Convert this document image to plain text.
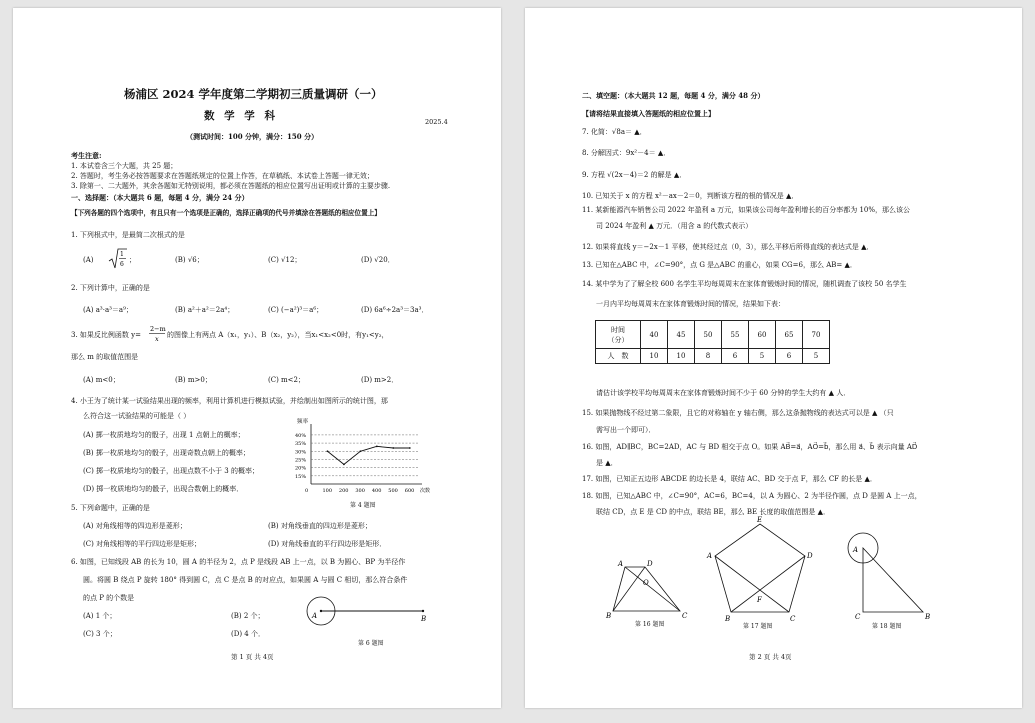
杨浦区 2024 学年度第二学期初三质量调研（一）
2025.4
数 学 学 科
（测试时间：100 分钟，满分：150 分）
考生注意:
1. 本试卷含三个大题，共 25 题；
2. 答题时，考生务必按答题要求在答题纸规定的位置上作答，在草稿纸、本试卷上答题一律无效；
3. 除第一、二大题外，其余各题如无特别说明，都必须在答题纸的相应位置写出证明或计算的主要步骤.
一、选择题：（本大题共 6 题，每题 4 分，满分 24 分）
【下列各题的四个选项中，有且只有一个选项是正确的，选择正确项的代号并填涂在答题纸的相应位置上】
1. 下列根式中，是最简二次根式的是
(A)
1
6
；	(B) √6；	(C) √12；	(D) √20．
2. 下列计算中，正确的是
(A) a³·a³＝a⁹；	(B) a²＋a²＝2a⁴；	(C) (−a²)³＝a⁶；	(D) 6a⁶÷2a³＝3a³．
3. 如果反比例函数 y=
2−m
x 的图像上有两点 A（x₁，y₁）、B（x₂，y₂），当x₁<x₂<0时，有y₁<y₂，
那么 m 的取值范围是
(A) m<0；	(B) m>0；	(C) m<2；	(D) m>2．
4. 小王为了统计某一试验结果出现的频率，利用计算机进行模拟试验，并绘制出如图所示的统计图，那
么符合这一试验结果的可能是（ ）
(A) 掷一枚质地均匀的骰子，出现 1 点朝上的概率；
(B) 掷一枚质地均匀的骰子，出现奇数点朝上的概率；
(C) 掷一枚质地均匀的骰子，出现点数不小于 3 的概率；
(D) 掷一枚质地均匀的骰子，出现合数朝上的概率．
频率
次数
40%
35%
30%
25%
20%
15%
100 200 300 400 500 600
0
第 4 题图
5. 下列命题中，正确的是
(A) 对角线相等的四边形是菱形；	(B) 对角线垂直的四边形是菱形；
(C) 对角线相等的平行四边形是矩形；	(D) 对角线垂直的平行四边形是矩形．
6. 如图，已知线段 AB 的长为 10，圆 A 的半径为 2，点 P 是线段 AB 上一点，以 B 为圆心、BP 为半径作
圆。将圆 B 绕点 P 旋转 180° 得到圆 C，点 C 是点 B 的对应点，如果圆 A 与圆 C 相切，那么符合条件
的点 P 的个数是
(A) 1 个；	(B) 2 个；
(C) 3 个；	(D) 4 个．
A	B
第 6 题图
第 1 页 共 4页
二、填空题：（本大题共 12 题，每题 4 分，满分 48 分）
【请将结果直接填入答题纸的相应位置上】
7. 化简：√8a＝ ▲．
8. 分解因式：9x²－4＝ ▲．
9. 方程 √(2x－4)＝2 的解是 ▲．
10. 已知关于 x 的方程 x²－ax－2＝0，判断该方程的根的情况是 ▲．
11. 某新能源汽车销售公司 2022 年盈利 a 万元，如果该公司每年盈利增长的百分率都为 10%，那么该公
司 2024 年盈利 ▲ 万元．（用含 a 的代数式表示）
12. 如果将直线 y＝−2x－1 平移，使其经过点（0，3），那么平移后所得直线的表达式是 ▲．
13. 已知在△ABC 中，∠C=90°，点 G 是△ABC 的重心，如果 CG=6，那么 AB= ▲．
14. 某中学为了了解全校 600 名学生平均每周周末在家体育锻炼时间的情况，随机调查了该校 50 名学生
一月内平均每周周末在家体育锻炼时间的情况，结果如下表：
时间
（分）	40	45	50	55	60	65	70
人　数	10	10	8	6	5	6	5
请估计该学校平均每周周末在家体育锻炼时间不少于 60 分钟的学生大约有 ▲ 人．
15. 如果抛物线不经过第二象限，且它的对称轴在 y 轴右侧，那么这条抛物线的表达式可以是 ▲ （只
需写出一个即可）．
16. 如图，AD∥BC，BC=2AD，AC 与 BD 相交于点 O。如果 AB⃗=a⃗，AO⃗=b⃗，那么用 a⃗、b⃗ 表示向量 AD⃗
是 ▲．
17. 如图，已知正五边形 ABCDE 的边长是 4，联结 AC、BD 交于点 F，那么 CF 的长是 ▲．
18. 如图，已知△ABC 中，∠C=90°，AC=6，BC=4，以 A 为圆心、2 为半径作圆，点 D 是圆 A 上一点，
联结 CD，点 E 是 CD 的中点，联结 BE，那么 BE 长度的取值范围是 ▲．
A	D
O
B	C
第 16 题图
E
A	D
B	C
F
第 17 题图
A
C	B
第 18 题图
第 2 页 共 4页
